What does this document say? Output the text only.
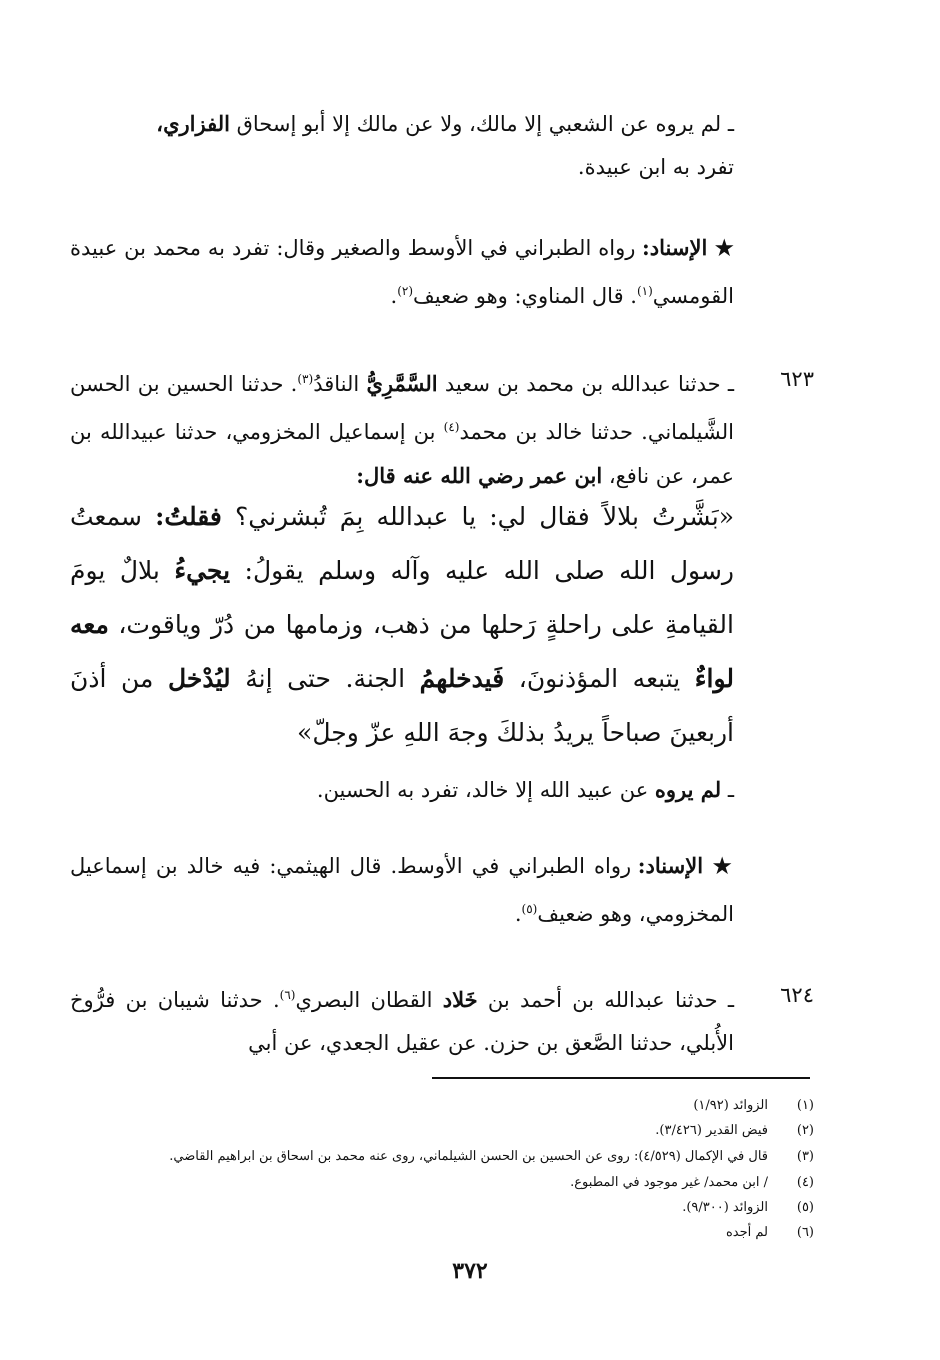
ـ لم يروه عن الشعبي إلا مالك، ولا عن مالك إلا أبو إسحاق الفزاري،
تفرد به ابن عبيدة.

★ الإسناد: رواه الطبراني في الأوسط والصغير وقال: تفرد به محمد بن عبيدة القومسي$^{(١)}$. قال المناوي: وهو ضعيف$^{(٢)}$.

٦٢٣

ـ حدثنا عبدالله بن محمد بن سعيد السَّمَّرِيُّ الناقدُ$^{(٣)}$. حدثنا الحسين بن الحسن الشَّيلماني. حدثنا خالد بن محمد$^{(٤)}$ بن إسماعيل المخزومي، حدثنا عبيدالله بن عمر، عن نافع، ابن عمر رضي الله عنه قال:

«بَشَّرتُ بلالاً فقال لي: يا عبدالله بِمَ تُبشرني؟ فقلتُ: سمعتُ رسول الله صلى الله عليه وآله وسلم يقولُ: يجيءُ بلالٌ يومَ القيامةِ على راحلةٍ رَحلها من ذهب، وزمامها من دُرّ وياقوت، معه لواءٌ يتبعه المؤذنونَ، فَيدخلهمُ الجنة. حتى إنهُ ليُدْخل من أذنَ أربعينَ صباحاً يريدُ بذلكَ وجهَ اللهِ عزّ وجلّ»

ـ لم يروه عن عبيد الله إلا خالد، تفرد به الحسين.

★ الإسناد: رواه الطبراني في الأوسط. قال الهيثمي: فيه خالد بن إسماعيل المخزومي، وهو ضعيف$^{(٥)}$.

٦٢٤

ـ حدثنا عبدالله بن أحمد بن خَلاد القطان البصري$^{(٦)}$. حدثنا شيبان بن فرُّوخ الأُبلي، حدثنا الصَّعق بن حزن. عن عقيل الجعدي، عن أبي

(١)الزوائد (١/٩٢)
(٢)فيض القدير (٣/٤٢٦).
(٣)قال في الإكمال (٤/٥٢٩): روى عن الحسين بن الحسن الشيلماني، روى عنه محمد بن اسحاق بن ابراهيم القاضي.
(٤)/ ابن محمد/ غير موجود في المطبوع.
(٥)الزوائد (٩/٣٠٠).
(٦)لم أجده
٣٧٢
